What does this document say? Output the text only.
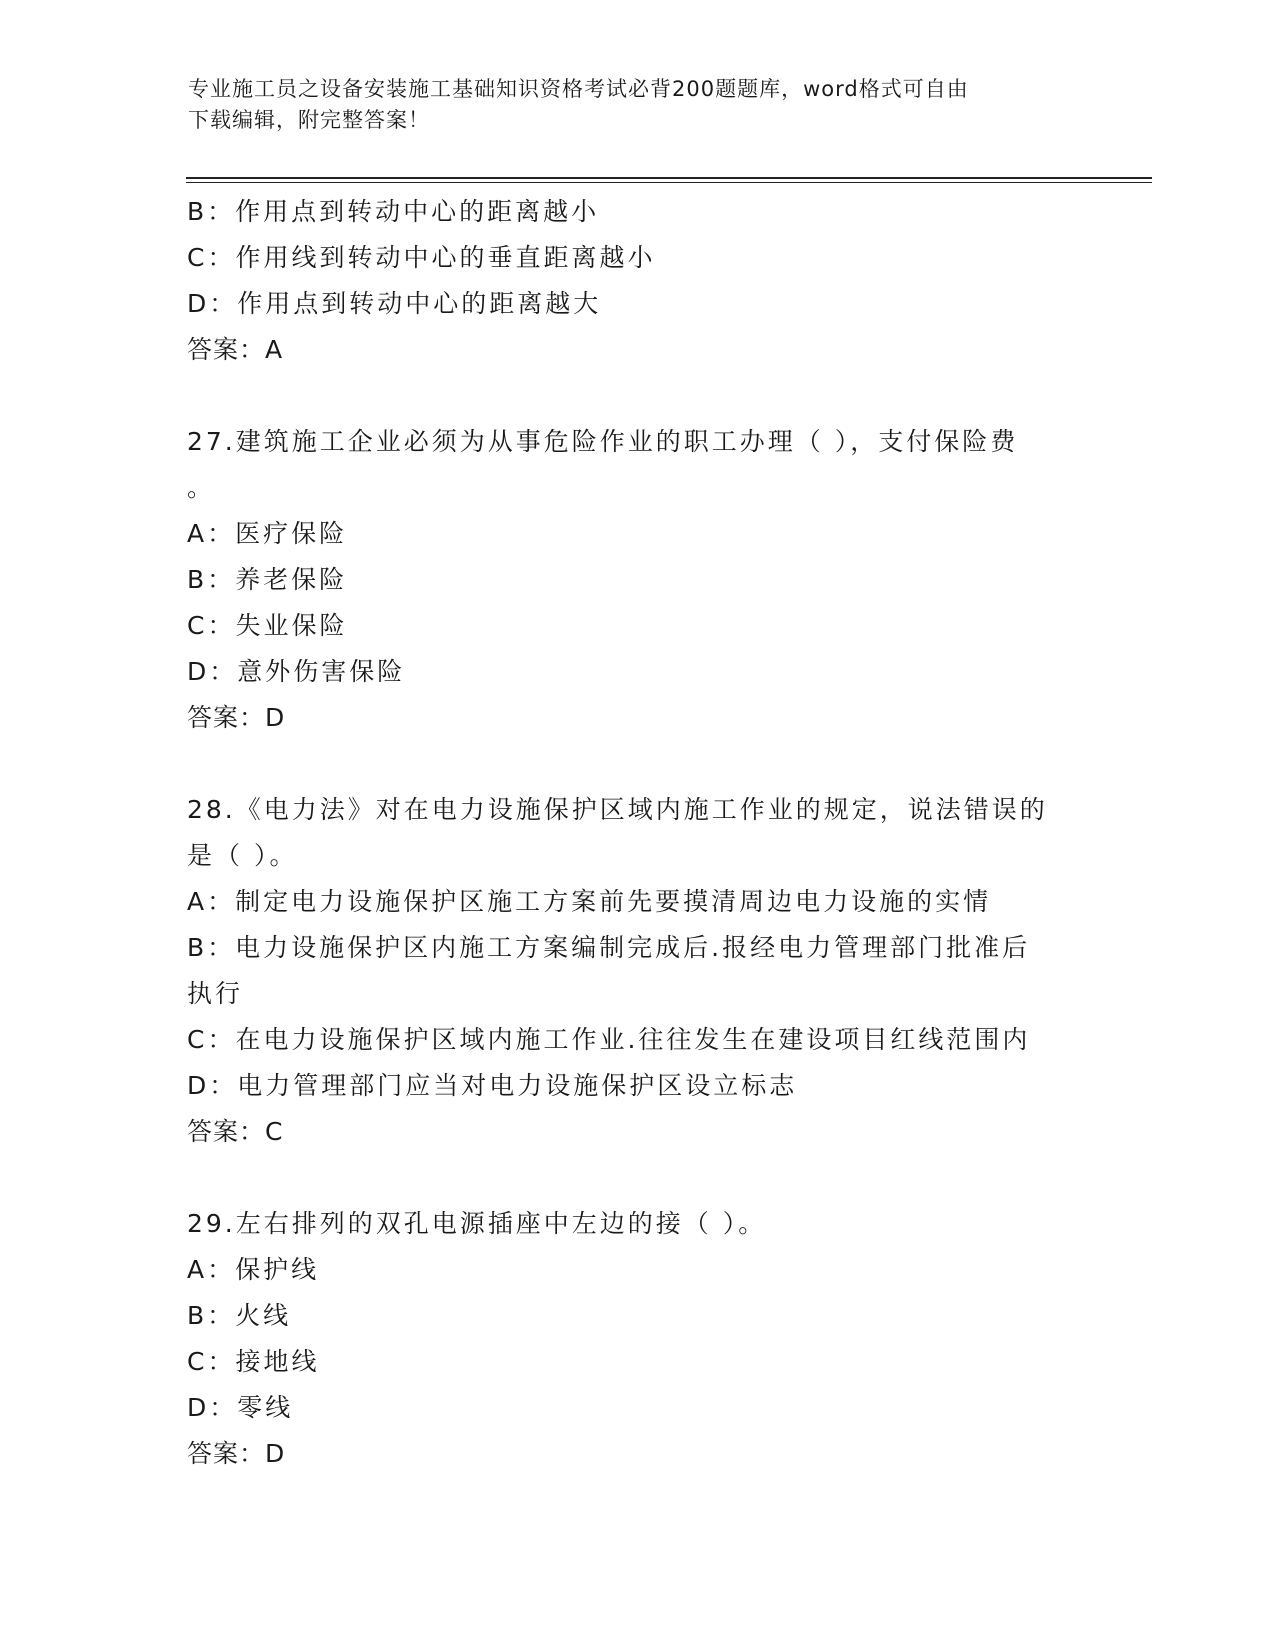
专业施工员之设备安装施工基础知识资格考试必背200题题库，word格式可自由
下载编辑，附完整答案！
B：作用点到转动中心的距离越小
C：作用线到转动中心的垂直距离越小
D：作用点到转动中心的距离越大
答案：A
27.建筑施工企业必须为从事危险作业的职工办理（ ），支付保险费
。
A：医疗保险
B：养老保险
C：失业保险
D：意外伤害保险
答案：D
28.《电力法》对在电力设施保护区域内施工作业的规定，说法错误的
是（ ）。
A：制定电力设施保护区施工方案前先要摸清周边电力设施的实情
B：电力设施保护区内施工方案编制完成后.报经电力管理部门批准后
执行
C：在电力设施保护区域内施工作业.往往发生在建设项目红线范围内
D：电力管理部门应当对电力设施保护区设立标志
答案：C
29.左右排列的双孔电源插座中左边的接（ ）。
A：保护线
B：火线
C：接地线
D：零线
答案：D
